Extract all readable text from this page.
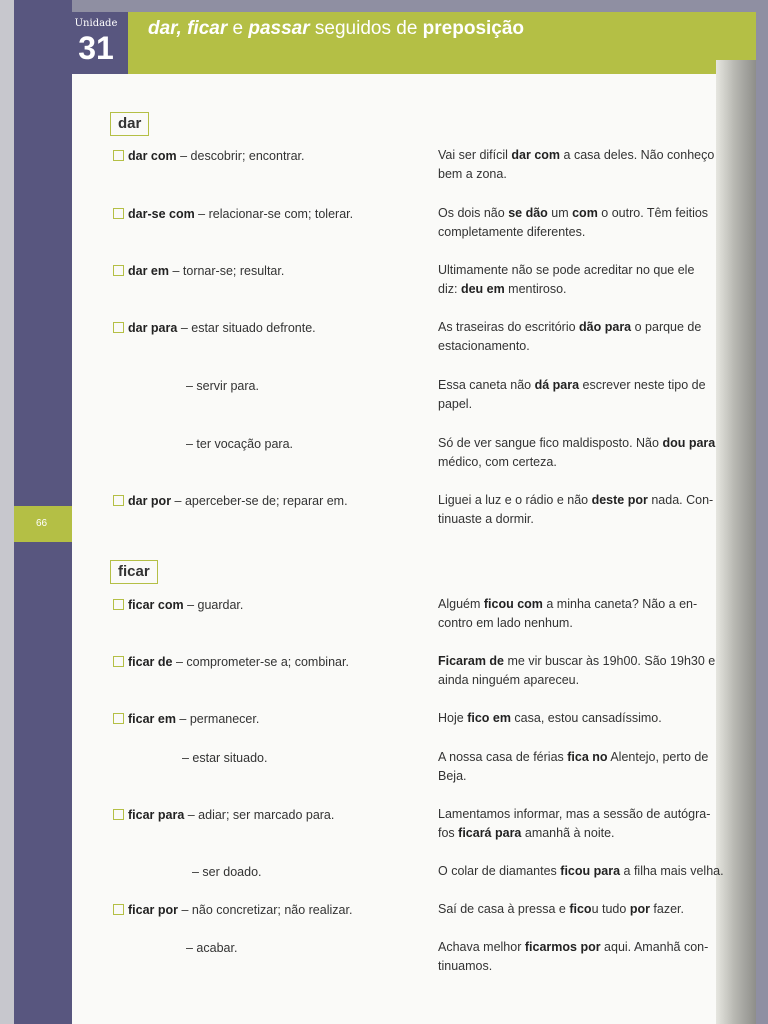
Unidade
31
dar, ficar e passar seguidos de preposição
66
dar
ficar
dar com – descobrir; encontrar.	Vai ser difícil dar com a casa deles. Não conheço
bem a zona.
dar-se com – relacionar-se com; tolerar.	Os dois não se dão um com o outro. Têm feitios
completamente diferentes.
dar em – tornar-se; resultar.	Ultimamente não se pode acreditar no que ele
diz: deu em mentiroso.
dar para – estar situado defronte.	As traseiras do escritório dão para o parque de
estacionamento.
– servir para.	Essa caneta não dá para escrever neste tipo de
papel.
– ter vocação para.	Só de ver sangue fico maldisposto. Não dou para
médico, com certeza.
dar por – aperceber-se de; reparar em.	Liguei a luz e o rádio e não deste por nada. Con-
tinuaste a dormir.
ficar com – guardar.	Alguém ficou com a minha caneta? Não a en-
contro em lado nenhum.
ficar de – comprometer-se a; combinar.	Ficaram de me vir buscar às 19h00. São 19h30 e
ainda ninguém apareceu.
ficar em – permanecer.	Hoje fico em casa, estou cansadíssimo.
– estar situado.	A nossa casa de férias fica no Alentejo, perto de
Beja.
ficar para – adiar; ser marcado para.	Lamentamos informar, mas a sessão de autógra-
fos ficará para amanhã à noite.
– ser doado.	O colar de diamantes ficou para a filha mais velha.
ficar por – não concretizar; não realizar.	Saí de casa à pressa e ficou tudo por fazer.
– acabar.	Achava melhor ficarmos por aqui. Amanhã con-
tinuamos.
